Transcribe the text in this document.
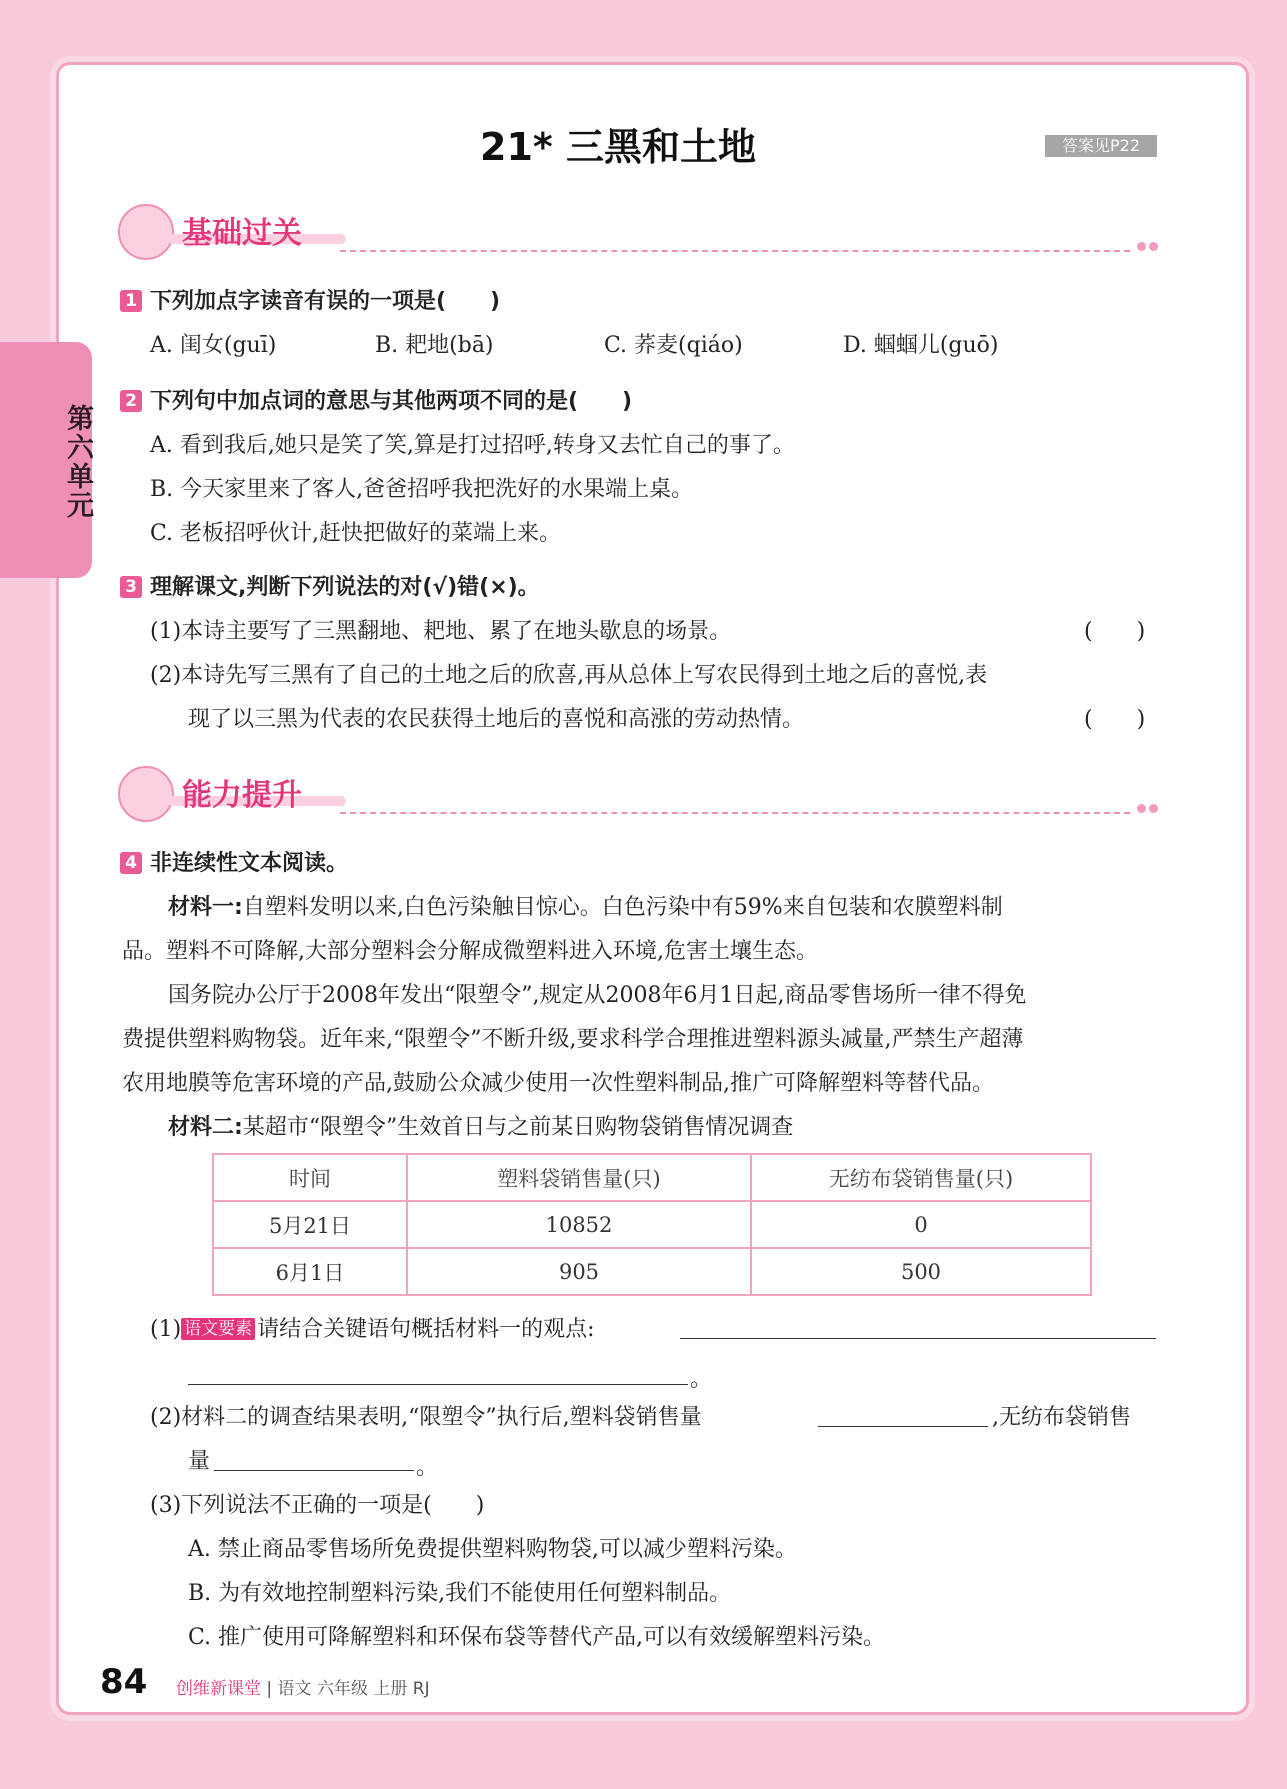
第六单元
21* 三黑和土地	答案见P22
基础过关
1 下列加点字读音有误的一项是(　　)
A. 闺女(guī)	B. 耙地(bā)	C. 荞麦(qiáo)	D. 蝈蝈儿(guō)
2 下列句中加点词的意思与其他两项不同的是(　　)
A. 看到我后,她只是笑了笑,算是打过招呼,转身又去忙自己的事了。
B. 今天家里来了客人,爸爸招呼我把洗好的水果端上桌。
C. 老板招呼伙计,赶快把做好的菜端上来。
3 理解课文,判断下列说法的对(√)错(×)。
(1)本诗主要写了三黑翻地、耙地、累了在地头歇息的场景。	(　　)
(2)本诗先写三黑有了自己的土地之后的欣喜,再从总体上写农民得到土地之后的喜悦,表
现了以三黑为代表的农民获得土地后的喜悦和高涨的劳动热情。	(　　)
能力提升
4 非连续性文本阅读。
材料一:自塑料发明以来,白色污染触目惊心。白色污染中有59%来自包装和农膜塑料制
品。塑料不可降解,大部分塑料会分解成微塑料进入环境,危害土壤生态。
国务院办公厅于2008年发出“限塑令”,规定从2008年6月1日起,商品零售场所一律不得免
费提供塑料购物袋。近年来,“限塑令”不断升级,要求科学合理推进塑料源头减量,严禁生产超薄
农用地膜等危害环境的产品,鼓励公众减少使用一次性塑料制品,推广可降解塑料等替代品。
材料二:某超市“限塑令”生效首日与之前某日购物袋销售情况调查
时间	塑料袋销售量(只)	无纺布袋销售量(只)
5月21日	10852	0
6月1日	905	500
(1) 语文要素 请结合关键语句概括材料一的观点:
。
(2)材料二的调查结果表明,“限塑令”执行后,塑料袋销售量	,无纺布袋销售
量	。
(3)下列说法不正确的一项是(　　)
A. 禁止商品零售场所免费提供塑料购物袋,可以减少塑料污染。
B. 为有效地控制塑料污染,我们不能使用任何塑料制品。
C. 推广使用可降解塑料和环保布袋等替代产品,可以有效缓解塑料污染。
84 创维新课堂 | 语文 六年级 上册 RJ
